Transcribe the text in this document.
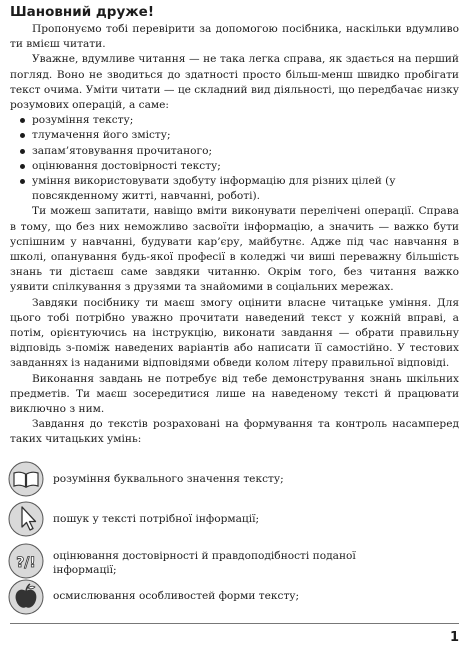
Шановний друже!

Пропонуємо тобі перевірити за допомогою посібника, наскільки вдумливо ти вмієш читати.

Уважне, вдумливе читання — не така легка справа, як здається на перший погляд. Воно не зводиться до здатності просто більш-менш швидко пробігати текст очима. Уміти читати — це складний вид діяльності, що передбачає низку розумових операцій, а саме:

розуміння тексту;
тлумачення його змісту;
запам’ятовування прочитаного;
оцінювання достовірності тексту;
уміння використовувати здобуту інформацію для різних цілей (у повсякденному житті, навчанні, роботі).

Ти можеш запитати, навіщо вміти виконувати перелічені операції. Справа в тому, що без них неможливо засвоїти інформацію, а значить — важко бути успішним у навчанні, будувати кар’єру, майбутнє. Адже під час навчання в школі, опанування будь-якої професії в коледжі чи виші переважну більшість знань ти дістаєш саме завдяки читанню. Окрім того, без читання важко уявити спілкування з друзями та знайомими в соціальних мережах.

Завдяки посібнику ти маєш змогу оцінити власне читацьке уміння. Для цього тобі потрібно уважно прочитати наведений текст у кожній вправі, а потім, орієнтуючись на інструкцію, виконати завдання — обрати правильну відповідь з-поміж наведених варіантів або написати її самостійно. У тестових завданнях із наданими відповідями обведи колом літеру правильної відповіді.

Виконання завдань не потребує від тебе демонстрування знань шкільних предметів. Ти маєш зосередитися лише на наведеному тексті й працювати виключно з ним.

Завдання до текстів розраховані на формування та контроль насамперед таких читацьких умінь:

розуміння буквального значення тексту;
пошук у тексті потрібної інформації;
?/! оцінювання достовірності й правдоподібності поданої інформації;
осмислювання особливостей форми тексту;
1
